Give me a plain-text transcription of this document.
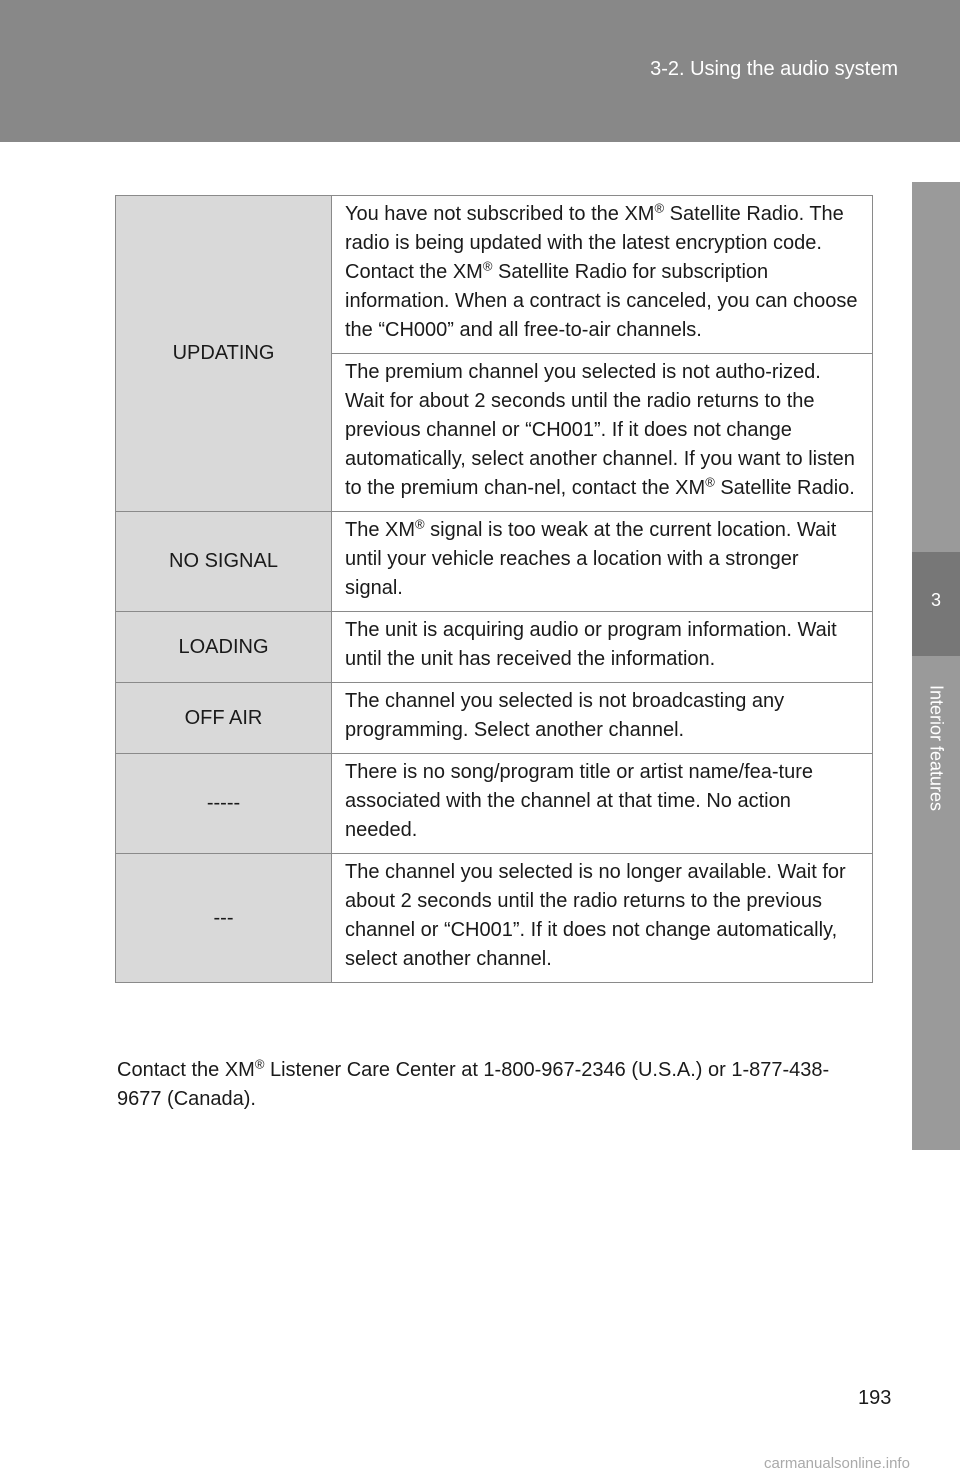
3-2. Using the audio system
3
Interior features
UPDATING	You have not subscribed to the XM® Satellite Radio. The radio is being updated with the latest encryption code. Contact the XM® Satellite Radio for subscription information. When a contract is canceled, you can choose the “CH000” and all free-to-air channels.
	The premium channel you selected is not autho-rized. Wait for about 2 seconds until the radio returns to the previous channel or “CH001”. If it does not change automatically, select another channel. If you want to listen to the premium chan-nel, contact the XM® Satellite Radio.
NO SIGNAL	The XM® signal is too weak at the current location. Wait until your vehicle reaches a location with a stronger signal.
LOADING	The unit is acquiring audio or program information. Wait until the unit has received the information.
OFF AIR	The channel you selected is not broadcasting any programming. Select another channel.
-----	There is no song/program title or artist name/fea-ture associated with the channel at that time. No action needed.
---	The channel you selected is no longer available. Wait for about 2 seconds until the radio returns to the previous channel or “CH001”. If it does not change automatically, select another channel.
Contact the XM® Listener Care Center at 1-800-967-2346 (U.S.A.) or 1-877-438-9677 (Canada).
193
carmanualsonline.info
